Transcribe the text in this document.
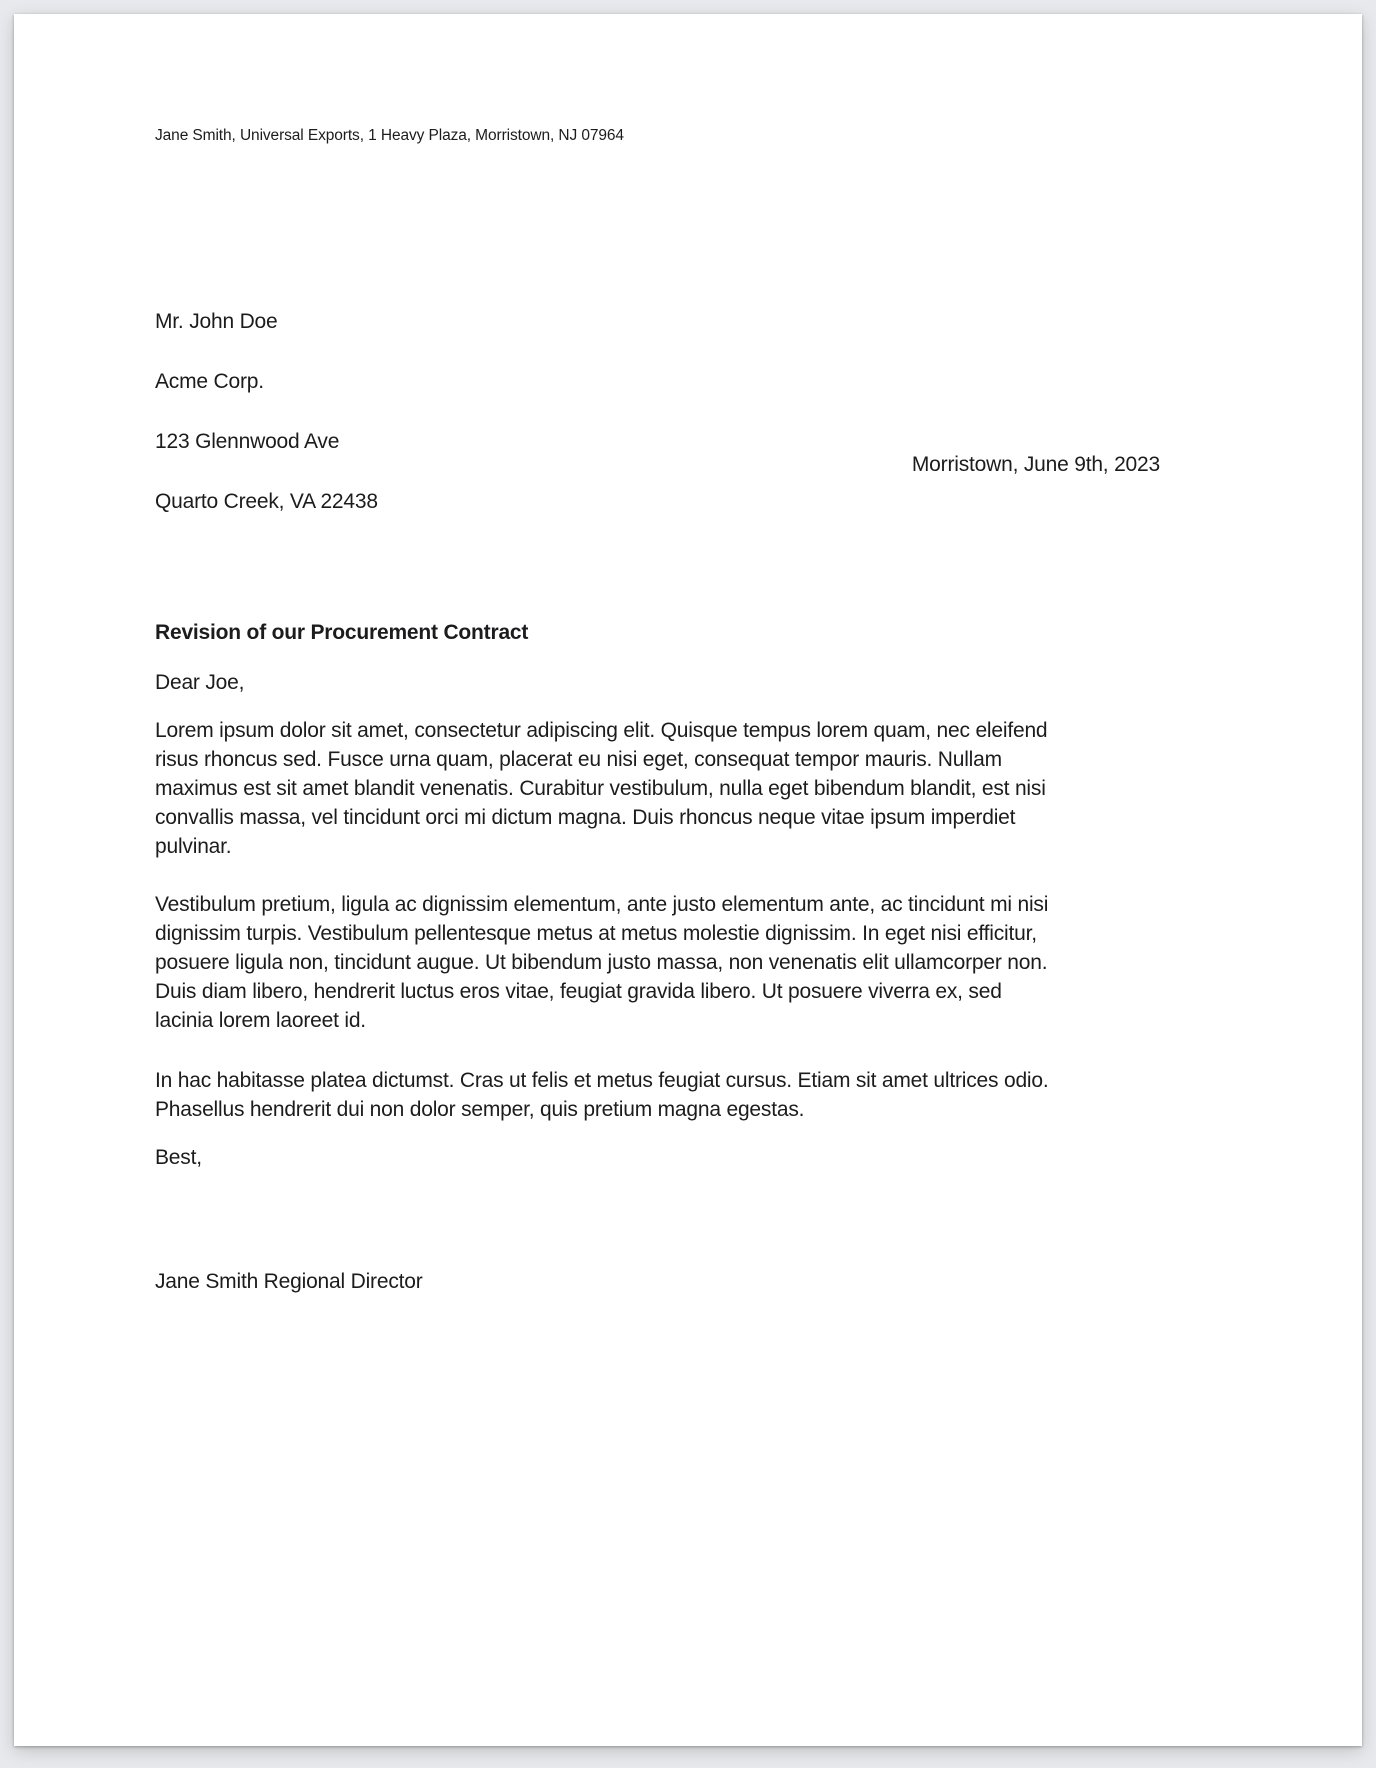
Jane Smith, Universal Exports, 1 Heavy Plaza, Morristown, NJ 07964

Mr. John Doe

Acme Corp.

123 Glennwood Ave

Quarto Creek, VA 22438

Morristown, June 9th, 2023
Revision of our Procurement Contract
Dear Joe,
Lorem ipsum dolor sit amet, consectetur adipiscing elit. Quisque tempus lorem quam, nec eleifend
risus rhoncus sed. Fusce urna quam, placerat eu nisi eget, consequat tempor mauris. Nullam
maximus est sit amet blandit venenatis. Curabitur vestibulum, nulla eget bibendum blandit, est nisi
convallis massa, vel tincidunt orci mi dictum magna. Duis rhoncus neque vitae ipsum imperdiet
pulvinar.
Vestibulum pretium, ligula ac dignissim elementum, ante justo elementum ante, ac tincidunt mi nisi
dignissim turpis. Vestibulum pellentesque metus at metus molestie dignissim. In eget nisi efficitur,
posuere ligula non, tincidunt augue. Ut bibendum justo massa, non venenatis elit ullamcorper non.
Duis diam libero, hendrerit luctus eros vitae, feugiat gravida libero. Ut posuere viverra ex, sed
lacinia lorem laoreet id.
In hac habitasse platea dictumst. Cras ut felis et metus feugiat cursus. Etiam sit amet ultrices odio.
Phasellus hendrerit dui non dolor semper, quis pretium magna egestas.
Best,
Jane Smith Regional Director
